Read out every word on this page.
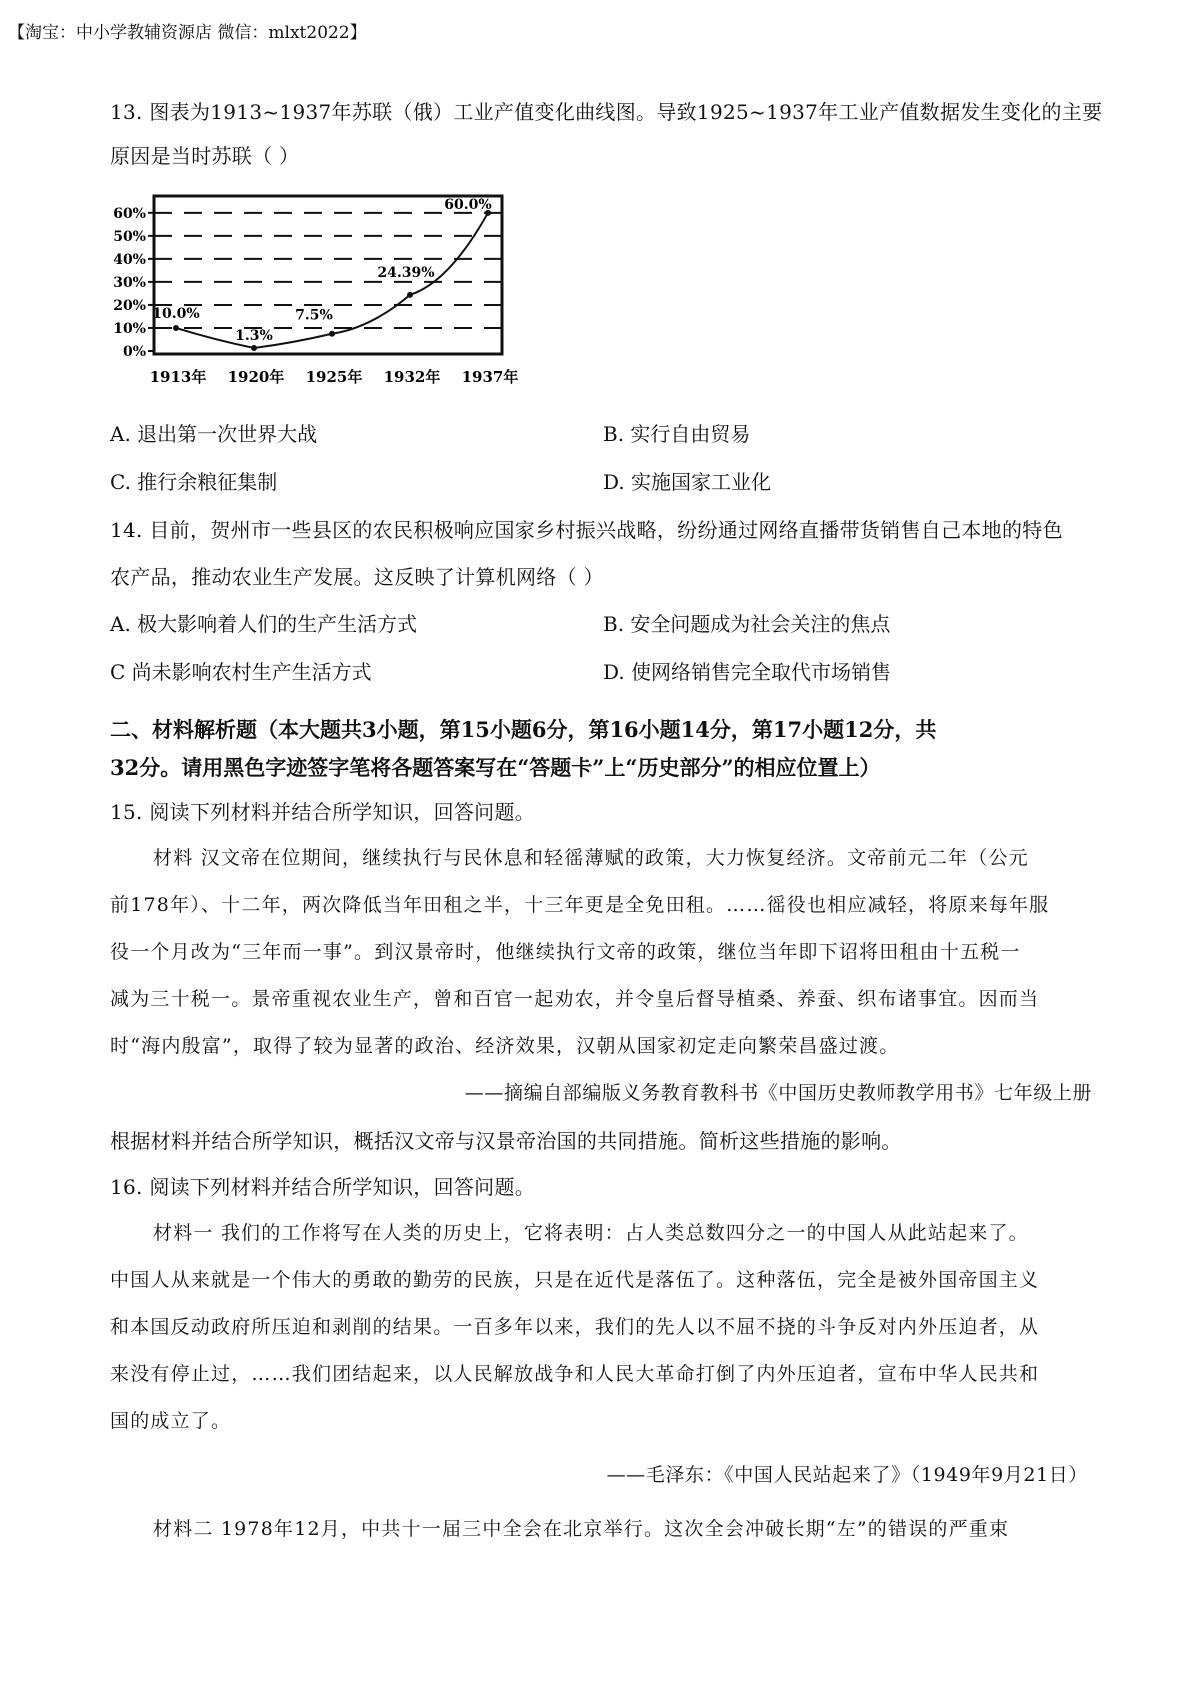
【淘宝：中小学教辅资源店 微信：mlxt2022】
13. 图表为1913~1937年苏联（俄）工业产值变化曲线图。导致1925~1937年工业产值数据发生变化的主要
原因是当时苏联（ ）
0%
10%
20%
30%
40%
50%
60%
1913年 1920年 1925年 1932年 1937年
10.0%
1.3%
7.5%
24.39%
60.0%
A. 退出第一次世界大战	B. 实行自由贸易
C. 推行余粮征集制	D. 实施国家工业化
14. 目前，贺州市一些县区的农民积极响应国家乡村振兴战略，纷纷通过网络直播带货销售自己本地的特色
农产品，推动农业生产发展。这反映了计算机网络（ ）
A. 极大影响着人们的生产生活方式	B. 安全问题成为社会关注的焦点
C 尚未影响农村生产生活方式	D. 使网络销售完全取代市场销售
二、材料解析题（本大题共3小题，第15小题6分，第16小题14分，第17小题12分，共
32分。请用黑色字迹签字笔将各题答案写在“答题卡”上“历史部分”的相应位置上）
15. 阅读下列材料并结合所学知识，回答问题。
材料 汉文帝在位期间，继续执行与民休息和轻徭薄赋的政策，大力恢复经济。文帝前元二年（公元
前178年）、十二年，两次降低当年田租之半，十三年更是全免田租。……徭役也相应减轻，将原来每年服
役一个月改为“三年而一事”。到汉景帝时，他继续执行文帝的政策，继位当年即下诏将田租由十五税一
减为三十税一。景帝重视农业生产，曾和百官一起劝农，并令皇后督导植桑、养蚕、织布诸事宜。因而当
时“海内殷富”，取得了较为显著的政治、经济效果，汉朝从国家初定走向繁荣昌盛过渡。
——摘编自部编版义务教育教科书《中国历史教师教学用书》七年级上册
根据材料并结合所学知识，概括汉文帝与汉景帝治国的共同措施。简析这些措施的影响。
16. 阅读下列材料并结合所学知识，回答问题。
材料一 我们的工作将写在人类的历史上，它将表明：占人类总数四分之一的中国人从此站起来了。
中国人从来就是一个伟大的勇敢的勤劳的民族，只是在近代是落伍了。这种落伍，完全是被外国帝国主义
和本国反动政府所压迫和剥削的结果。一百多年以来，我们的先人以不屈不挠的斗争反对内外压迫者，从
来没有停止过，……我们团结起来，以人民解放战争和人民大革命打倒了内外压迫者，宣布中华人民共和
国的成立了。
——毛泽东：《中国人民站起来了》（1949年9月21日）
材料二 1978年12月，中共十一届三中全会在北京举行。这次全会冲破长期“左”的错误的严重束
